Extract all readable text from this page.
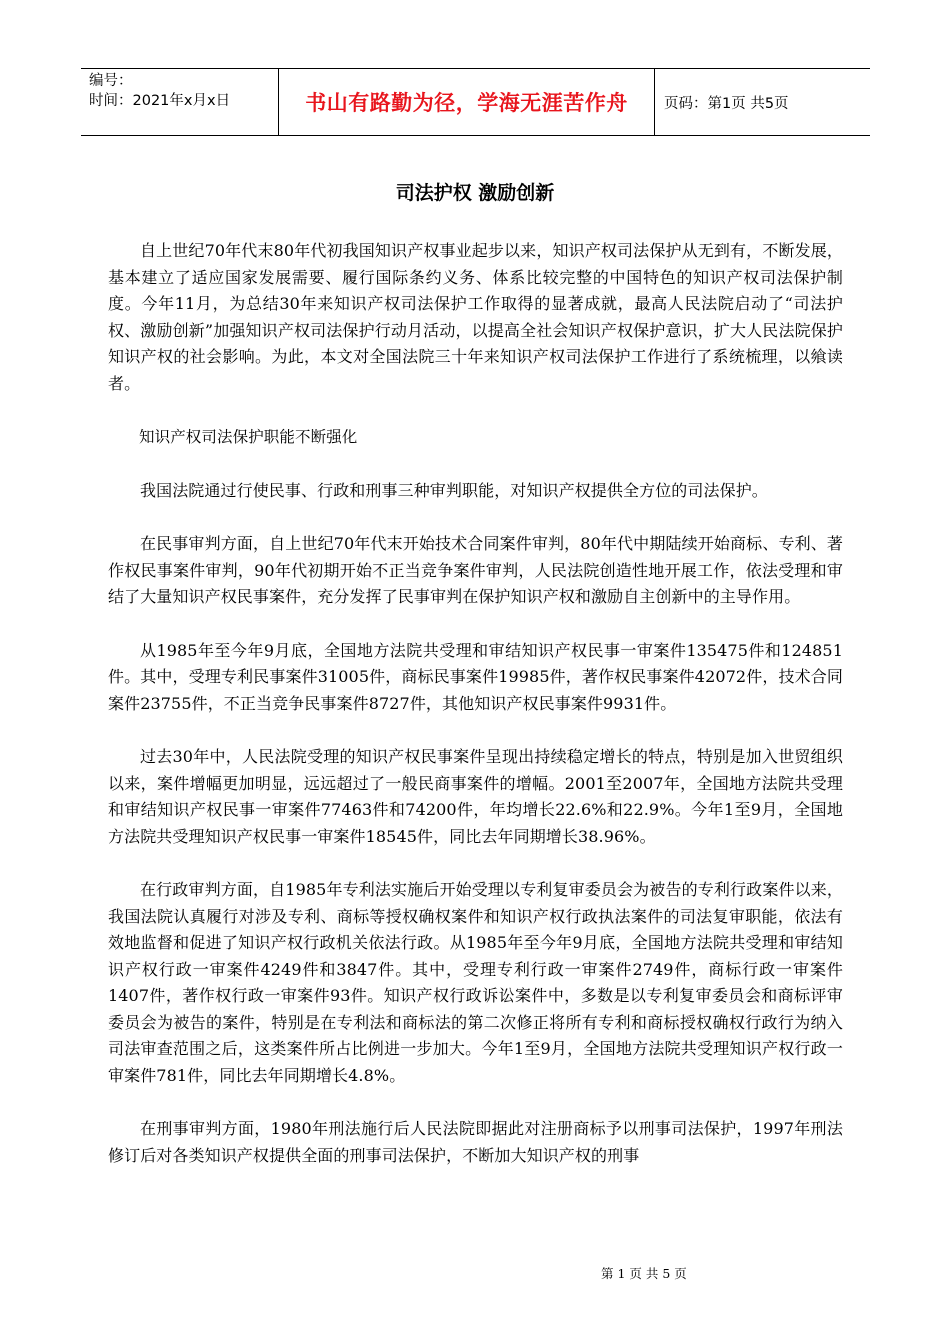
编号：
时间：2021年x月x日	书山有路勤为径，学海无涯苦作舟	页码：第1页 共5页
司法护权 激励创新

自上世纪70年代末80年代初我国知识产权事业起步以来，知识产权司法保护从无到有，不断发展，基本建立了适应国家发展需要、履行国际条约义务、体系比较完整的中国特色的知识产权司法保护制度。今年11月，为总结30年来知识产权司法保护工作取得的显著成就，最高人民法院启动了“司法护权、激励创新”加强知识产权司法保护行动月活动，以提高全社会知识产权保护意识，扩大人民法院保护知识产权的社会影响。为此，本文对全国法院三十年来知识产权司法保护工作进行了系统梳理，以飨读者。

知识产权司法保护职能不断强化

我国法院通过行使民事、行政和刑事三种审判职能，对知识产权提供全方位的司法保护。

在民事审判方面，自上世纪70年代末开始技术合同案件审判，80年代中期陆续开始商标、专利、著作权民事案件审判，90年代初期开始不正当竞争案件审判，人民法院创造性地开展工作，依法受理和审结了大量知识产权民事案件，充分发挥了民事审判在保护知识产权和激励自主创新中的主导作用。

从1985年至今年9月底，全国地方法院共受理和审结知识产权民事一审案件135475件和124851件。其中，受理专利民事案件31005件，商标民事案件19985件，著作权民事案件42072件，技术合同案件23755件，不正当竞争民事案件8727件，其他知识产权民事案件9931件。

过去30年中，人民法院受理的知识产权民事案件呈现出持续稳定增长的特点，特别是加入世贸组织以来，案件增幅更加明显，远远超过了一般民商事案件的增幅。2001至2007年，全国地方法院共受理和审结知识产权民事一审案件77463件和74200件，年均增长22.6%和22.9%。今年1至9月，全国地方法院共受理知识产权民事一审案件18545件，同比去年同期增长38.96%。

在行政审判方面，自1985年专利法实施后开始受理以专利复审委员会为被告的专利行政案件以来，我国法院认真履行对涉及专利、商标等授权确权案件和知识产权行政执法案件的司法复审职能，依法有效地监督和促进了知识产权行政机关依法行政。从1985年至今年9月底，全国地方法院共受理和审结知识产权行政一审案件4249件和3847件。其中，受理专利行政一审案件2749件，商标行政一审案件1407件，著作权行政一审案件93件。知识产权行政诉讼案件中，多数是以专利复审委员会和商标评审委员会为被告的案件，特别是在专利法和商标法的第二次修正将所有专利和商标授权确权行政行为纳入司法审查范围之后，这类案件所占比例进一步加大。今年1至9月，全国地方法院共受理知识产权行政一审案件781件，同比去年同期增长4.8%。

在刑事审判方面，1980年刑法施行后人民法院即据此对注册商标予以刑事司法保护，1997年刑法修订后对各类知识产权提供全面的刑事司法保护，不断加大知识产权的刑事

第 1 页 共 5 页
